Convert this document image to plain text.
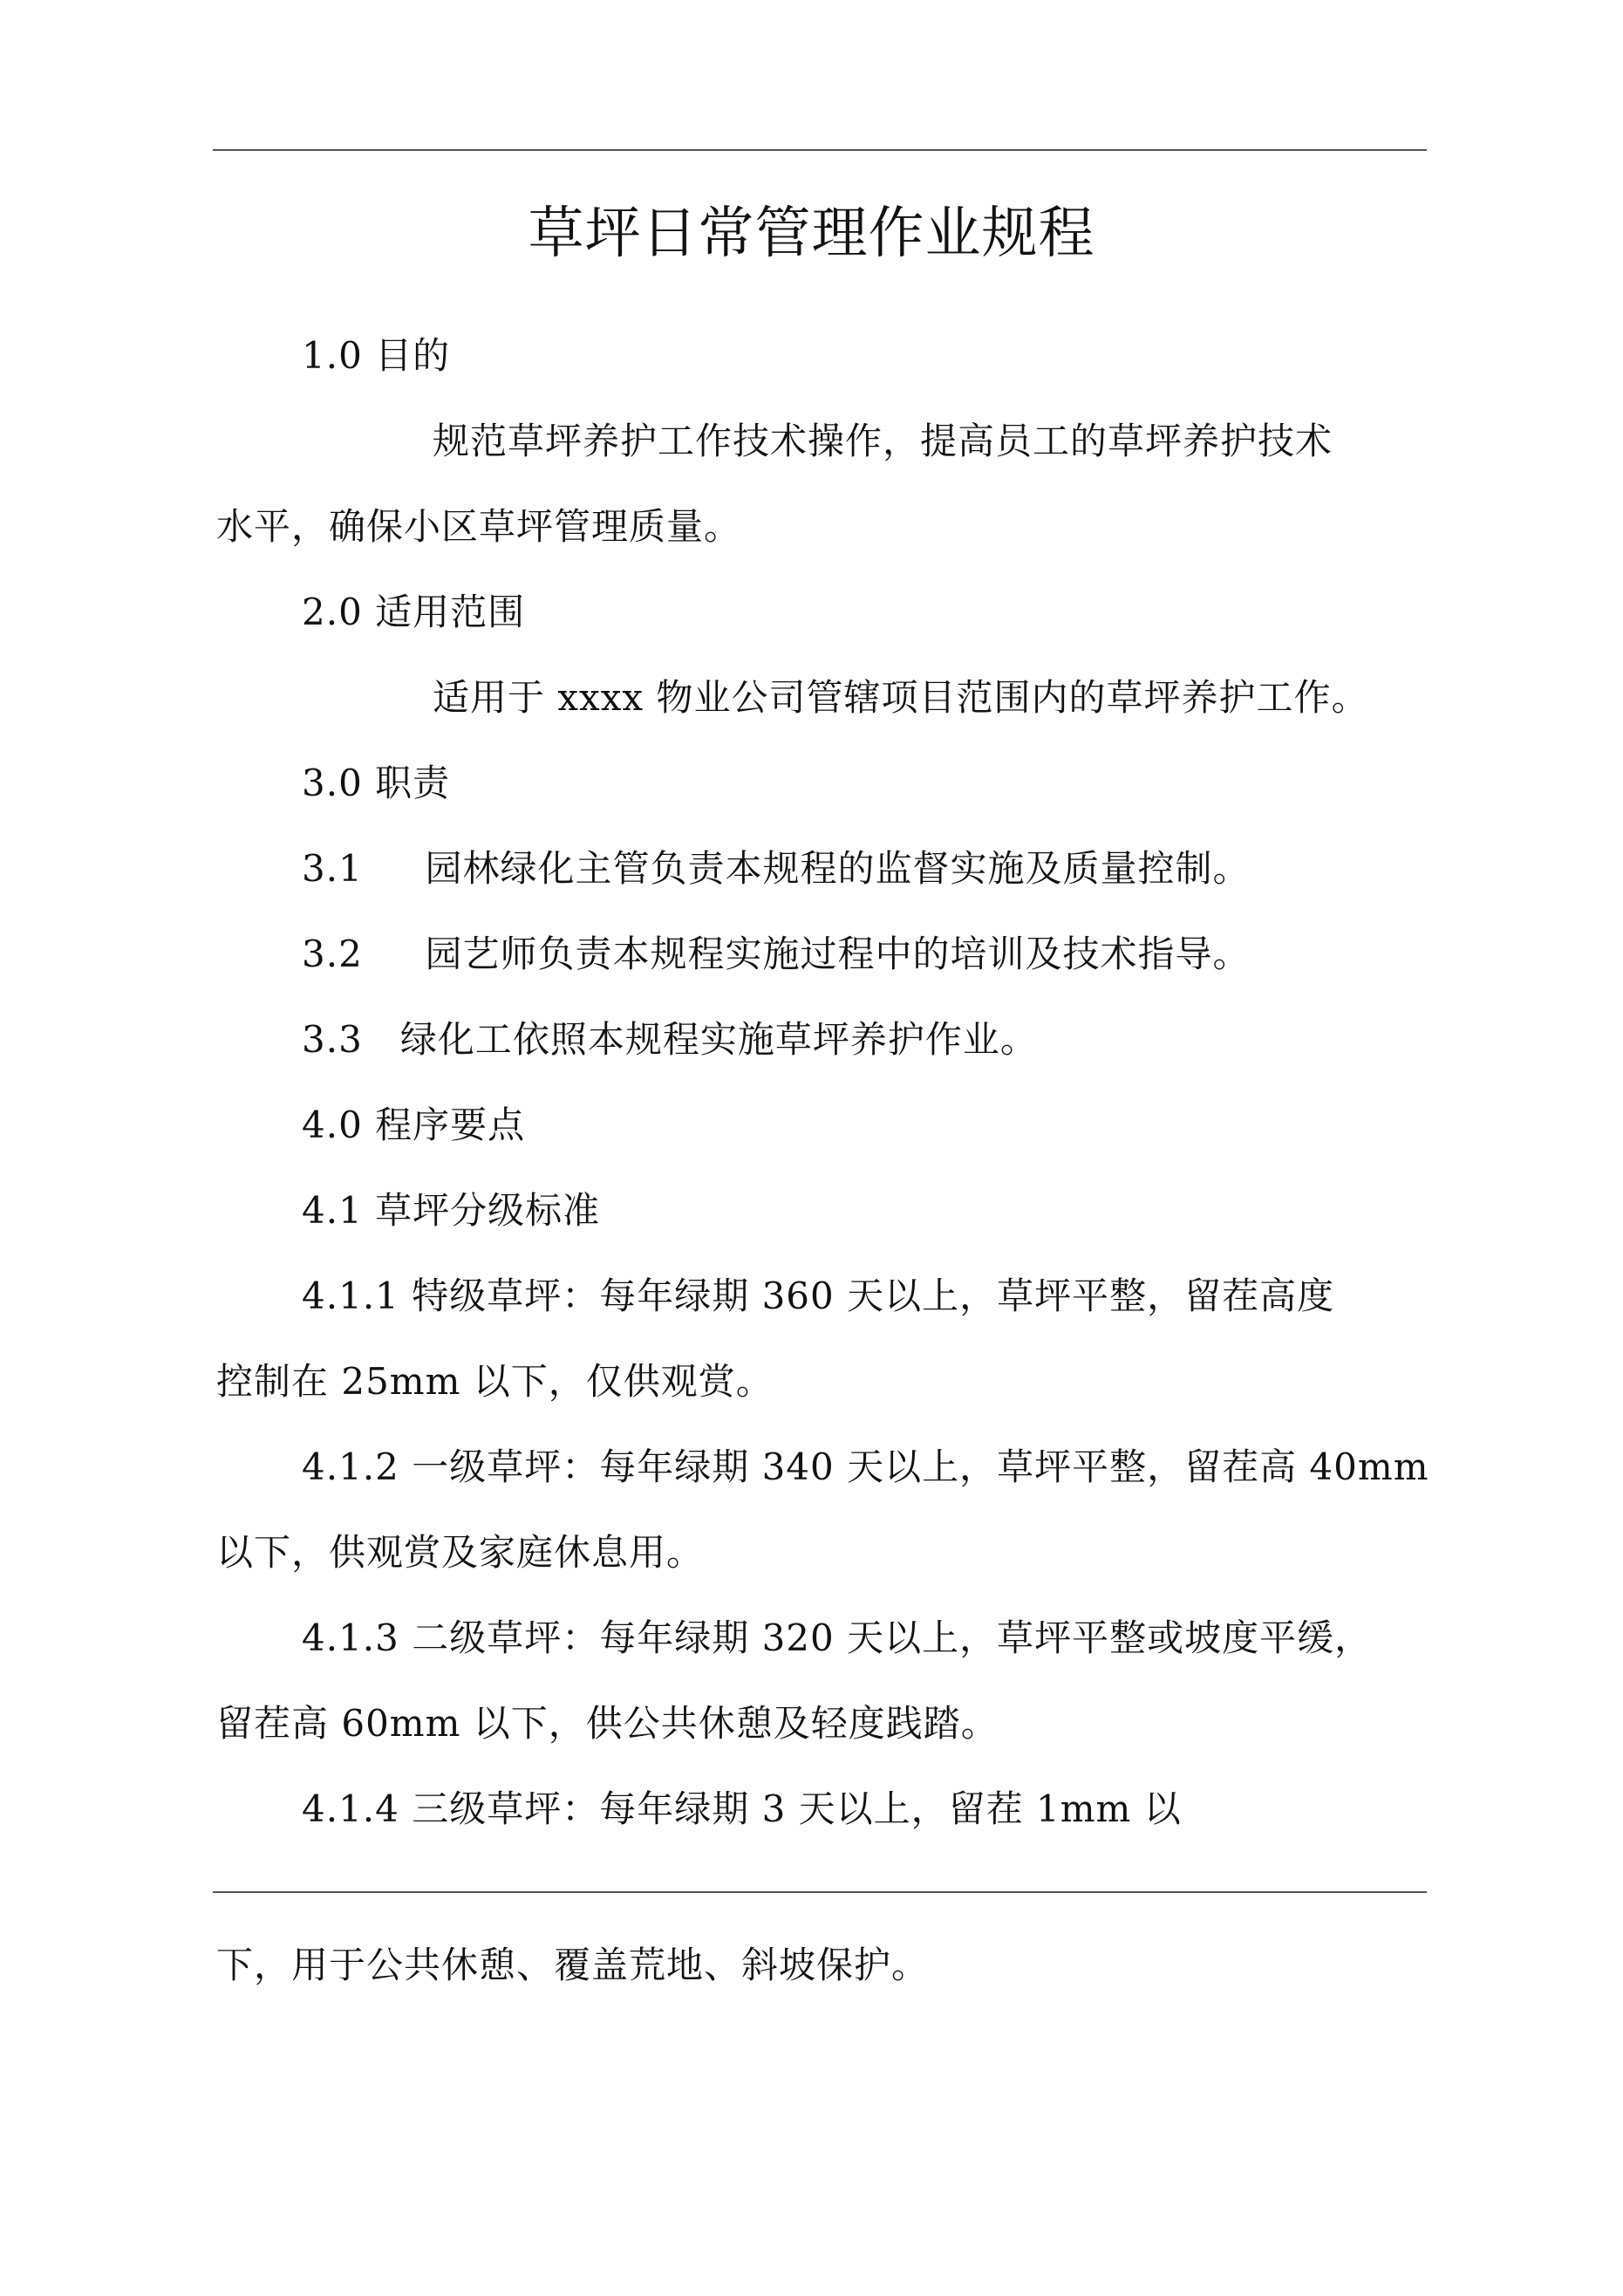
草坪日常管理作业规程
1.0 目的
规范草坪养护工作技术操作，提高员工的草坪养护技术
水平，确保小区草坪管理质量。
2.0 适用范围
适用于 xxxx 物业公司管辖项目范围内的草坪养护工作。
3.0 职责
3.1     园林绿化主管负责本规程的监督实施及质量控制。
3.2     园艺师负责本规程实施过程中的培训及技术指导。
3.3   绿化工依照本规程实施草坪养护作业。
4.0 程序要点
4.1 草坪分级标准
4.1.1 特级草坪：每年绿期 360 天以上，草坪平整，留茬高度
控制在 25mm 以下，仅供观赏。
4.1.2 一级草坪：每年绿期 340 天以上，草坪平整，留茬高 40mm
以下，供观赏及家庭休息用。
4.1.3 二级草坪：每年绿期 320 天以上，草坪平整或坡度平缓，
留茬高 60mm 以下，供公共休憩及轻度践踏。
4.1.4 三级草坪：每年绿期 3 天以上，留茬 1mm 以
下，用于公共休憩、覆盖荒地、斜坡保护。
